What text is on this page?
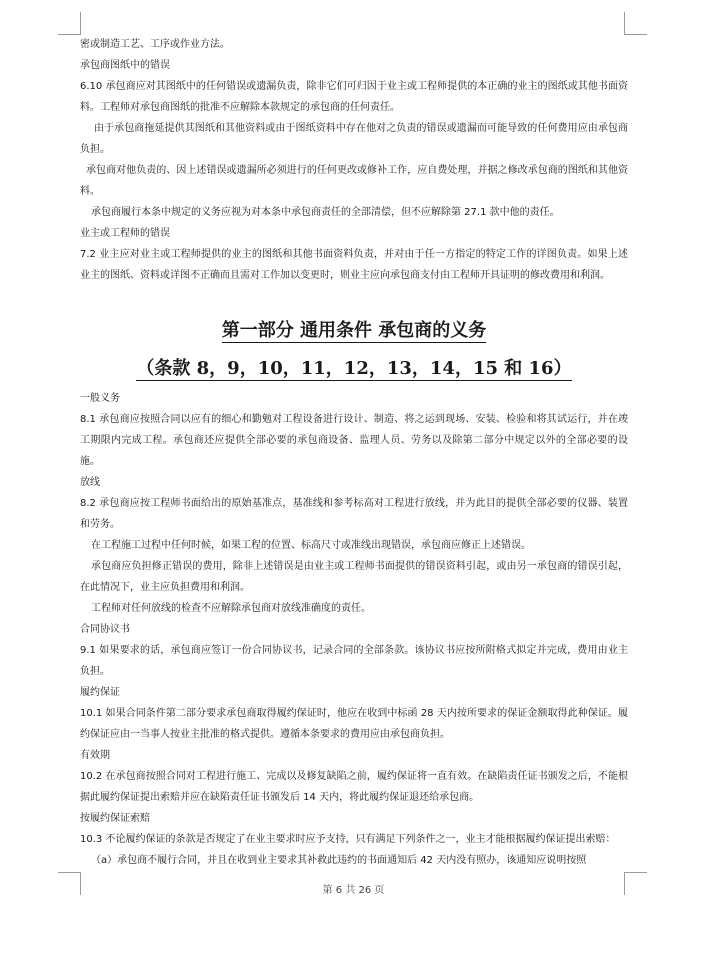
密或制造工艺、工序或作业方法。

承包商图纸中的错误

6.10 承包商应对其图纸中的任何错误或遗漏负责，除非它们可归因于业主或工程师提供的本正确的业主的图纸或其他书面资料。工程师对承包商图纸的批准不应解除本款规定的承包商的任何责任。

由于承包商拖延提供其图纸和其他资料或由于图纸资料中存在他对之负责的错误或遗漏而可能导致的任何费用应由承包商负担。

承包商对他负责的、因上述错误或遗漏所必须进行的任何更改或修补工作，应自费处理，并据之修改承包商的图纸和其他资料。

承包商履行本条中规定的义务应视为对本条中承包商责任的全部清偿，但不应解除第 27.1 款中他的责任。

业主或工程师的错误

7.2 业主应对业主或工程师提供的业主的图纸和其他书面资料负责，并对由于任一方指定的特定工作的详图负责。如果上述业主的图纸、资料或详图不正确而且需对工作加以变更时，则业主应向承包商支付由工程师开具证明的修改费用和利润。

第一部分 通用条件 承包商的义务
（条款 8，9，10，11，12，13，14，15 和 16）

一般义务

8.1 承包商应按照合同以应有的细心和勤勉对工程设备进行设计、制造、将之运到现场、安装、检验和将其试运行，并在竣工期限内完成工程。承包商还应提供全部必要的承包商设备、监理人员、劳务以及除第二部分中规定以外的全部必要的设施。

放线

8.2 承包商应按工程师书面给出的原始基准点，基准线和参考标高对工程进行放线，并为此目的提供全部必要的仪器、装置和劳务。

在工程施工过程中任何时候，如果工程的位置、标高尺寸或准线出现错误，承包商应修正上述错误。

承包商应负担修正错误的费用，除非上述错误是由业主或工程师书面提供的错误资料引起，或由另一承包商的错误引起，在此情况下，业主应负担费用和利润。

工程师对任何放线的检查不应解除承包商对放线准确度的责任。

合同协议书

9.1 如果要求的话，承包商应签订一份合同协议书，记录合同的全部条款。该协议书应按所附格式拟定并完成，费用由业主负担。

履约保证

10.1 如果合同条件第二部分要求承包商取得履约保证时，他应在收到中标函 28 天内按所要求的保证金额取得此种保证。履约保证应由一当事人按业主批准的格式提供。遵循本条要求的费用应由承包商负担。

有效期

10.2 在承包商按照合同对工程进行施工、完成以及修复缺陷之前，履约保证将一直有效。在缺陷责任证书颁发之后，不能根据此履约保证提出索赔并应在缺陷责任证书颁发后 14 天内，将此履约保证退还给承包商。

按履约保证索赔

10.3 不论履约保证的条款是否规定了在业主要求时应予支持，只有满足下列条件之一，业主才能根据履约保证提出索赔：

（a）承包商不履行合同，并且在收到业主要求其补救此违约的书面通知后 42 天内没有照办，该通知应说明按照

第 6 共 26 页
